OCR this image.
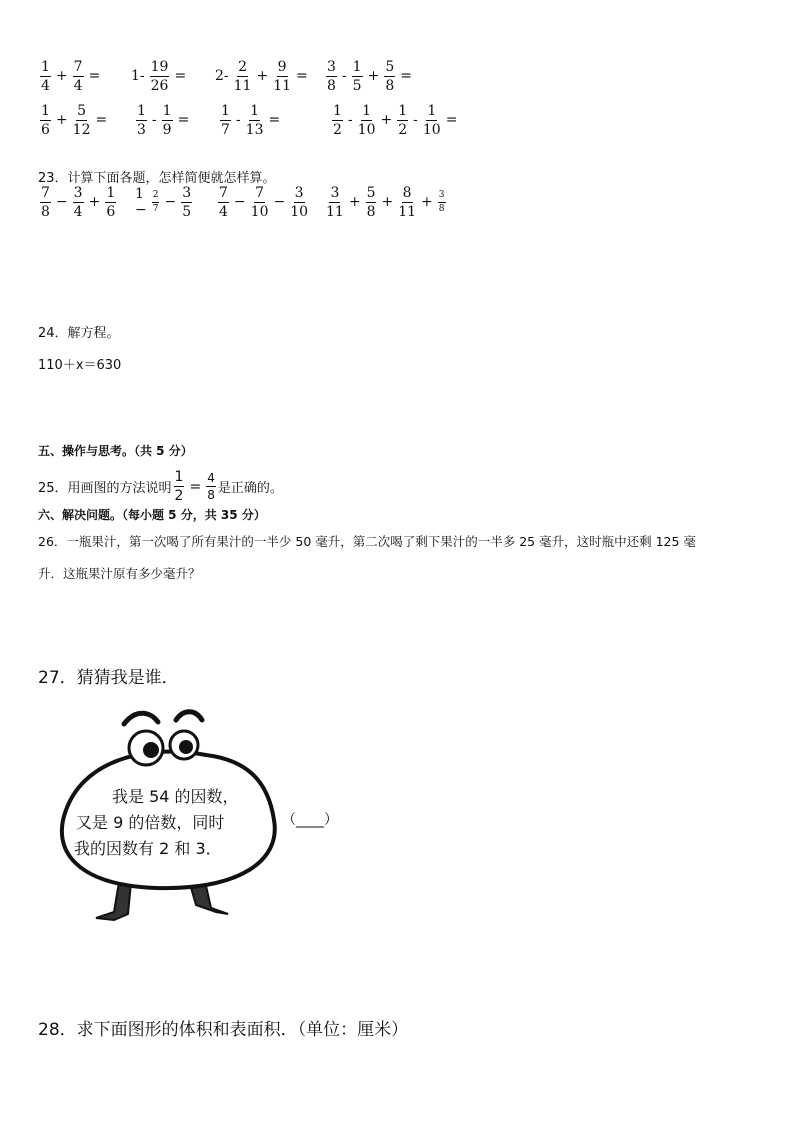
$\frac{1}{4} + \frac{7}{4} = 1- \frac{19}{26} = 2- \frac{2}{11} + \frac{9}{11} = \frac{3}{8} - \frac{1}{5} + \frac{5}{8}$ =
$\frac{1}{6} + \frac{5}{12} = \frac{1}{3} - \frac{1}{9} = \frac{1}{7} - \frac{1}{13}$ =	$\frac{1}{2} - \frac{1}{10} + \frac{1}{2} - \frac{1}{10}$ =
23．计算下面各题，怎样简便就怎样算。
$\frac{7}{8} - \frac{3}{4} + \frac{1}{6} 1 - \frac{2}{7} - \frac{3}{5} \frac{7}{4} - \frac{7}{10} - \frac{3}{10} \frac{3}{11} + \frac{5}{8} + \frac{8}{11} + \frac{3}{8}$
24．解方程。
110＋x＝630
五、操作与思考。（共 5 分）
25．用画图的方法说明 $\frac{1}{2} = \frac{4}{8}$ 是正确的。
六、解决问题。（每小题 5 分，共 35 分）
26．一瓶果汁，第一次喝了所有果汁的一半少 50 毫升，第二次喝了剩下果汁的一半多 25 毫升，这时瓶中还剩 125 毫
升．这瓶果汁原有多少毫升？
27．猜猜我是谁．
我是 54 的因数，
又是 9 的倍数，同时
我的因数有 2 和 3．
（____）
28．求下面图形的体积和表面积．（单位：厘米）
